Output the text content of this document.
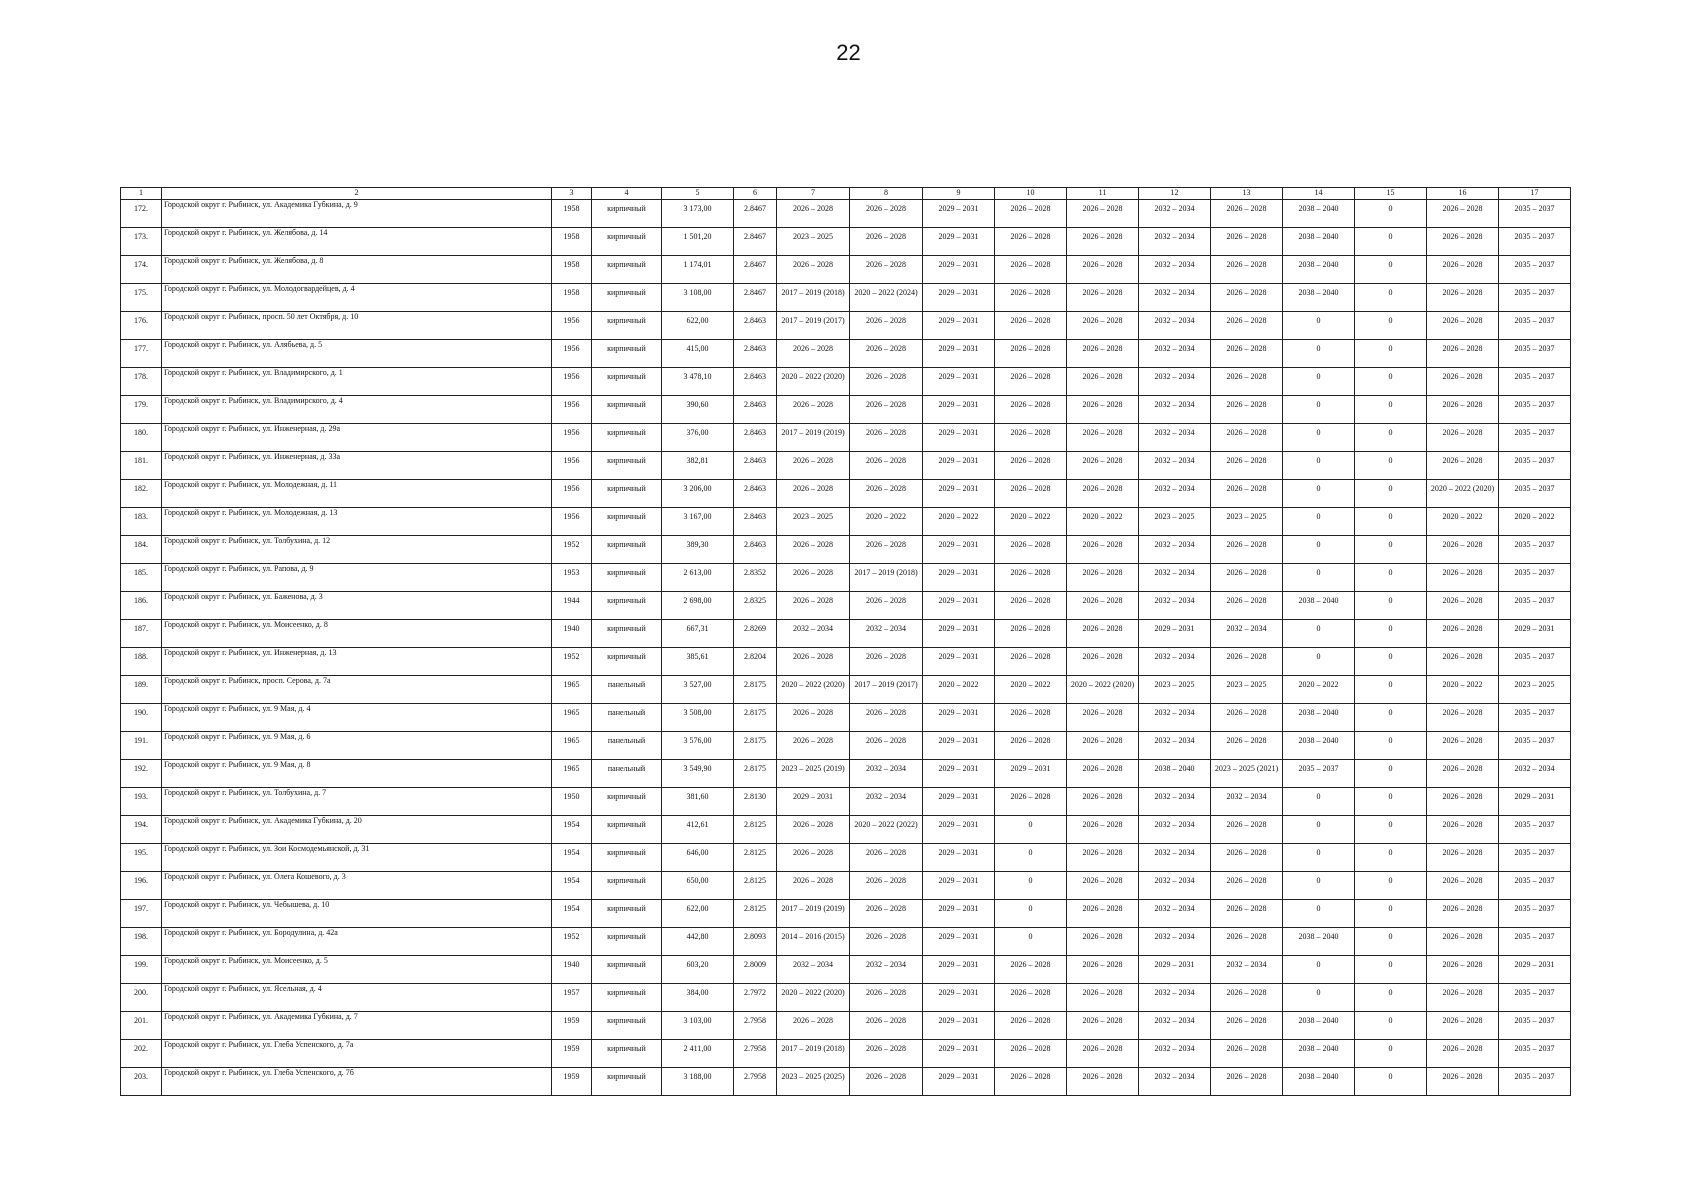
22
1	2	3	4	5	6	7	8	9	10	11	12	13	14	15	16	17
172.	Городской округ г. Рыбинск, ул. Академика Губкина, д. 9	1958	кирпичный	3 173,00	2.8467	2026 – 2028	2026 – 2028	2029 – 2031	2026 – 2028	2026 – 2028	2032 – 2034	2026 – 2028	2038 – 2040	0	2026 – 2028	2035 – 2037
173.	Городской округ г. Рыбинск, ул. Желябова, д. 14	1958	кирпичный	1 501,20	2.8467	2023 – 2025	2026 – 2028	2029 – 2031	2026 – 2028	2026 – 2028	2032 – 2034	2026 – 2028	2038 – 2040	0	2026 – 2028	2035 – 2037
174.	Городской округ г. Рыбинск, ул. Желябова, д. 8	1958	кирпичный	1 174,01	2.8467	2026 – 2028	2026 – 2028	2029 – 2031	2026 – 2028	2026 – 2028	2032 – 2034	2026 – 2028	2038 – 2040	0	2026 – 2028	2035 – 2037
175.	Городской округ г. Рыбинск, ул. Молодогвардейцев, д. 4	1958	кирпичный	3 108,00	2.8467	2017 – 2019 (2018)	2020 – 2022 (2024)	2029 – 2031	2026 – 2028	2026 – 2028	2032 – 2034	2026 – 2028	2038 – 2040	0	2026 – 2028	2035 – 2037
176.	Городской округ г. Рыбинск, просп. 50 лет Октября, д. 10	1956	кирпичный	622,00	2.8463	2017 – 2019 (2017)	2026 – 2028	2029 – 2031	2026 – 2028	2026 – 2028	2032 – 2034	2026 – 2028	0	0	2026 – 2028	2035 – 2037
177.	Городской округ г. Рыбинск, ул. Алябьева, д. 5	1956	кирпичный	415,00	2.8463	2026 – 2028	2026 – 2028	2029 – 2031	2026 – 2028	2026 – 2028	2032 – 2034	2026 – 2028	0	0	2026 – 2028	2035 – 2037
178.	Городской округ г. Рыбинск, ул. Владимирского, д. 1	1956	кирпичный	3 478,10	2.8463	2020 – 2022 (2020)	2026 – 2028	2029 – 2031	2026 – 2028	2026 – 2028	2032 – 2034	2026 – 2028	0	0	2026 – 2028	2035 – 2037
179.	Городской округ г. Рыбинск, ул. Владимирского, д. 4	1956	кирпичный	390,60	2.8463	2026 – 2028	2026 – 2028	2029 – 2031	2026 – 2028	2026 – 2028	2032 – 2034	2026 – 2028	0	0	2026 – 2028	2035 – 2037
180.	Городской округ г. Рыбинск, ул. Инженерная, д. 29а	1956	кирпичный	376,00	2.8463	2017 – 2019 (2019)	2026 – 2028	2029 – 2031	2026 – 2028	2026 – 2028	2032 – 2034	2026 – 2028	0	0	2026 – 2028	2035 – 2037
181.	Городской округ г. Рыбинск, ул. Инженерная, д. 33а	1956	кирпичный	382,81	2.8463	2026 – 2028	2026 – 2028	2029 – 2031	2026 – 2028	2026 – 2028	2032 – 2034	2026 – 2028	0	0	2026 – 2028	2035 – 2037
182.	Городской округ г. Рыбинск, ул. Молодежная, д. 11	1956	кирпичный	3 206,00	2.8463	2026 – 2028	2026 – 2028	2029 – 2031	2026 – 2028	2026 – 2028	2032 – 2034	2026 – 2028	0	0	2020 – 2022 (2020)	2035 – 2037
183.	Городской округ г. Рыбинск, ул. Молодежная, д. 13	1956	кирпичный	3 167,00	2.8463	2023 – 2025	2020 – 2022	2020 – 2022	2020 – 2022	2020 – 2022	2023 – 2025	2023 – 2025	0	0	2020 – 2022	2020 – 2022
184.	Городской округ г. Рыбинск, ул. Толбухина, д. 12	1952	кирпичный	389,30	2.8463	2026 – 2028	2026 – 2028	2029 – 2031	2026 – 2028	2026 – 2028	2032 – 2034	2026 – 2028	0	0	2026 – 2028	2035 – 2037
185.	Городской округ г. Рыбинск, ул. Рапова, д. 9	1953	кирпичный	2 613,00	2.8352	2026 – 2028	2017 – 2019 (2018)	2029 – 2031	2026 – 2028	2026 – 2028	2032 – 2034	2026 – 2028	0	0	2026 – 2028	2035 – 2037
186.	Городской округ г. Рыбинск, ул. Баженова, д. 3	1944	кирпичный	2 698,00	2.8325	2026 – 2028	2026 – 2028	2029 – 2031	2026 – 2028	2026 – 2028	2032 – 2034	2026 – 2028	2038 – 2040	0	2026 – 2028	2035 – 2037
187.	Городской округ г. Рыбинск, ул. Моисеенко, д. 8	1940	кирпичный	667,31	2.8269	2032 – 2034	2032 – 2034	2029 – 2031	2026 – 2028	2026 – 2028	2029 – 2031	2032 – 2034	0	0	2026 – 2028	2029 – 2031
188.	Городской округ г. Рыбинск, ул. Инженерная, д. 13	1952	кирпичный	385,61	2.8204	2026 – 2028	2026 – 2028	2029 – 2031	2026 – 2028	2026 – 2028	2032 – 2034	2026 – 2028	0	0	2026 – 2028	2035 – 2037
189.	Городской округ г. Рыбинск, просп. Серова, д. 7а	1965	панельный	3 527,00	2.8175	2020 – 2022 (2020)	2017 – 2019 (2017)	2020 – 2022	2020 – 2022	2020 – 2022 (2020)	2023 – 2025	2023 – 2025	2020 – 2022	0	2020 – 2022	2023 – 2025
190.	Городской округ г. Рыбинск, ул. 9 Мая, д. 4	1965	панельный	3 508,00	2.8175	2026 – 2028	2026 – 2028	2029 – 2031	2026 – 2028	2026 – 2028	2032 – 2034	2026 – 2028	2038 – 2040	0	2026 – 2028	2035 – 2037
191.	Городской округ г. Рыбинск, ул. 9 Мая, д. 6	1965	панельный	3 576,00	2.8175	2026 – 2028	2026 – 2028	2029 – 2031	2026 – 2028	2026 – 2028	2032 – 2034	2026 – 2028	2038 – 2040	0	2026 – 2028	2035 – 2037
192.	Городской округ г. Рыбинск, ул. 9 Мая, д. 8	1965	панельный	3 549,90	2.8175	2023 – 2025 (2019)	2032 – 2034	2029 – 2031	2029 – 2031	2026 – 2028	2038 – 2040	2023 – 2025 (2021)	2035 – 2037	0	2026 – 2028	2032 – 2034
193.	Городской округ г. Рыбинск, ул. Толбухина, д. 7	1950	кирпичный	381,60	2.8130	2029 – 2031	2032 – 2034	2029 – 2031	2026 – 2028	2026 – 2028	2032 – 2034	2032 – 2034	0	0	2026 – 2028	2029 – 2031
194.	Городской округ г. Рыбинск, ул. Академика Губкина, д. 20	1954	кирпичный	412,61	2.8125	2026 – 2028	2020 – 2022 (2022)	2029 – 2031	0	2026 – 2028	2032 – 2034	2026 – 2028	0	0	2026 – 2028	2035 – 2037
195.	Городской округ г. Рыбинск, ул. Зои Космодемьянской, д. 31	1954	кирпичный	646,00	2.8125	2026 – 2028	2026 – 2028	2029 – 2031	0	2026 – 2028	2032 – 2034	2026 – 2028	0	0	2026 – 2028	2035 – 2037
196.	Городской округ г. Рыбинск, ул. Олега Кошевого, д. 3	1954	кирпичный	650,00	2.8125	2026 – 2028	2026 – 2028	2029 – 2031	0	2026 – 2028	2032 – 2034	2026 – 2028	0	0	2026 – 2028	2035 – 2037
197.	Городской округ г. Рыбинск, ул. Чебышева, д. 10	1954	кирпичный	622,00	2.8125	2017 – 2019 (2019)	2026 – 2028	2029 – 2031	0	2026 – 2028	2032 – 2034	2026 – 2028	0	0	2026 – 2028	2035 – 2037
198.	Городской округ г. Рыбинск, ул. Бородулина, д. 42а	1952	кирпичный	442,80	2.8093	2014 – 2016 (2015)	2026 – 2028	2029 – 2031	0	2026 – 2028	2032 – 2034	2026 – 2028	2038 – 2040	0	2026 – 2028	2035 – 2037
199.	Городской округ г. Рыбинск, ул. Моисеенко, д. 5	1940	кирпичный	603,20	2.8009	2032 – 2034	2032 – 2034	2029 – 2031	2026 – 2028	2026 – 2028	2029 – 2031	2032 – 2034	0	0	2026 – 2028	2029 – 2031
200.	Городской округ г. Рыбинск, ул. Ясельная, д. 4	1957	кирпичный	384,00	2.7972	2020 – 2022 (2020)	2026 – 2028	2029 – 2031	2026 – 2028	2026 – 2028	2032 – 2034	2026 – 2028	0	0	2026 – 2028	2035 – 2037
201.	Городской округ г. Рыбинск, ул. Академика Губкина, д. 7	1959	кирпичный	3 103,00	2.7958	2026 – 2028	2026 – 2028	2029 – 2031	2026 – 2028	2026 – 2028	2032 – 2034	2026 – 2028	2038 – 2040	0	2026 – 2028	2035 – 2037
202.	Городской округ г. Рыбинск, ул. Глеба Успенского, д. 7а	1959	кирпичный	2 411,00	2.7958	2017 – 2019 (2018)	2026 – 2028	2029 – 2031	2026 – 2028	2026 – 2028	2032 – 2034	2026 – 2028	2038 – 2040	0	2026 – 2028	2035 – 2037
203.	Городской округ г. Рыбинск, ул. Глеба Успенского, д. 7б	1959	кирпичный	3 188,00	2.7958	2023 – 2025 (2025)	2026 – 2028	2029 – 2031	2026 – 2028	2026 – 2028	2032 – 2034	2026 – 2028	2038 – 2040	0	2026 – 2028	2035 – 2037
